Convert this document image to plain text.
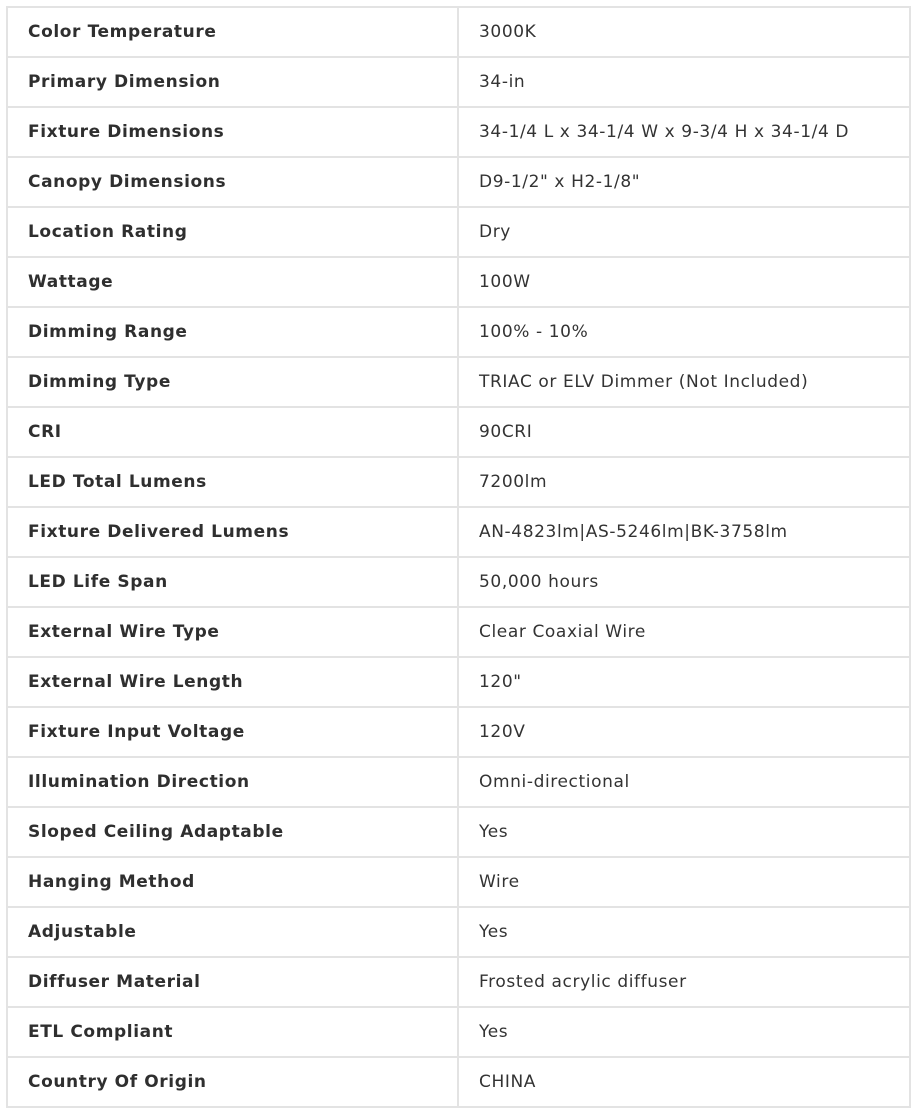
Color Temperature	3000K
Primary Dimension	34-in
Fixture Dimensions	34-1/4 L x 34-1/4 W x 9-3/4 H x 34-1/4 D
Canopy Dimensions	D9-1/2" x H2-1/8"
Location Rating	Dry
Wattage	100W
Dimming Range	100% - 10%
Dimming Type	TRIAC or ELV Dimmer (Not Included)
CRI	90CRI
LED Total Lumens	7200lm
Fixture Delivered Lumens	AN-4823lm|AS-5246lm|BK-3758lm
LED Life Span	50,000 hours
External Wire Type	Clear Coaxial Wire
External Wire Length	120"
Fixture Input Voltage	120V
Illumination Direction	Omni-directional
Sloped Ceiling Adaptable	Yes
Hanging Method	Wire
Adjustable	Yes
Diffuser Material	Frosted acrylic diffuser
ETL Compliant	Yes
Country Of Origin	CHINA
